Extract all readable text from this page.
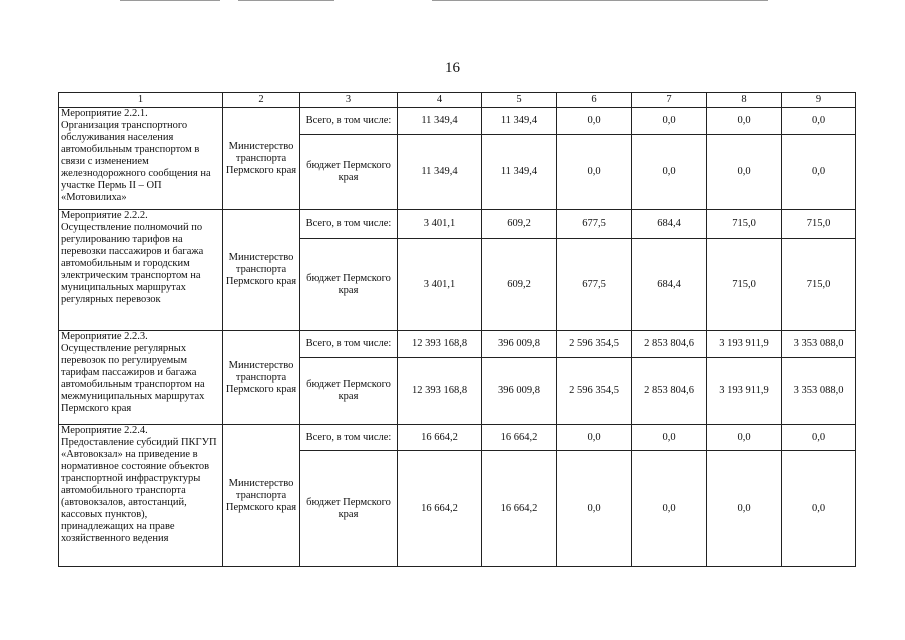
16
1	2	3	4	5	6	7	8	9

Мероприятие 2.2.1.
Организация транспортного обслуживания населения автомобильным транспортом в связи с изменением железнодорожного сообщения на участке Пермь II – ОП «Мотовилиха»	Министерство транспорта Пермского края	Всего, в том числе:	11 349,4	11 349,4	0,0	0,0	0,0	0,0
		бюджет Пермского края	11 349,4	11 349,4	0,0	0,0	0,0	0,0

Мероприятие 2.2.2.
Осуществление полномочий по регулированию тарифов на перевозки пассажиров и багажа автомобильным и городским электрическим транспортом на муниципальных маршрутах регулярных перевозок	Министерство транспорта Пермского края	Всего, в том числе:	3 401,1	609,2	677,5	684,4	715,0	715,0
		бюджет Пермского края	3 401,1	609,2	677,5	684,4	715,0	715,0

Мероприятие 2.2.3.
Осуществление регулярных перевозок по регулируемым тарифам пассажиров и багажа автомобильным транспортом на межмуниципальных маршрутах Пермского края	Министерство транспорта Пермского края	Всего, в том числе:	12 393 168,8	396 009,8	2 596 354,5	2 853 804,6	3 193 911,9	3 353 088,0
		бюджет Пермского края	12 393 168,8	396 009,8	2 596 354,5	2 853 804,6	3 193 911,9	3 353 088,0

Мероприятие 2.2.4.
Предоставление субсидий ПКГУП «Автовокзал» на приведение в нормативное состояние объектов транспортной инфраструктуры автомобильного транспорта (автовокзалов, автостанций, кассовых пунктов), принадлежащих на праве хозяйственного ведения	Министерство транспорта Пермского края	Всего, в том числе:	16 664,2	16 664,2	0,0	0,0	0,0	0,0
		бюджет Пермского края	16 664,2	16 664,2	0,0	0,0	0,0	0,0
